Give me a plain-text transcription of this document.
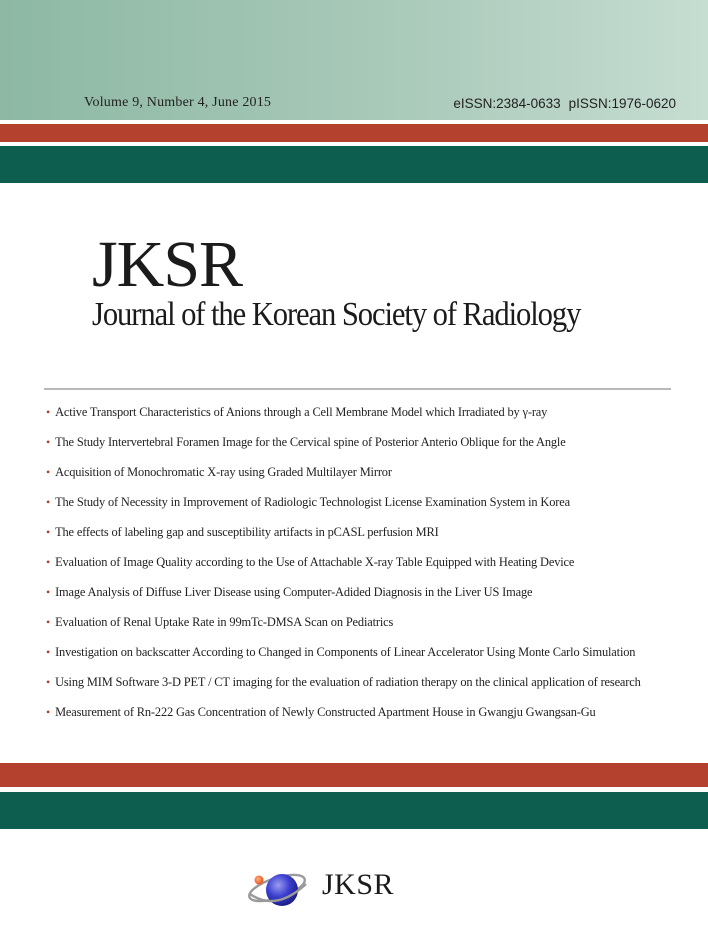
Volume 9, Number 4, June 2015	eISSN:2384-0633 pISSN:1976-0620
JKSR
Journal of the Korean Society of Radiology
• Active Transport Characteristics of Anions through a Cell Membrane Model which Irradiated by γ-ray
• The Study Intervertebral Foramen Image for the Cervical spine of Posterior Anterio Oblique for the Angle
• Acquisition of Monochromatic X-ray using Graded Multilayer Mirror
• The Study of Necessity in Improvement of Radiologic Technologist License Examination System in Korea
• The effects of labeling gap and susceptibility artifacts in pCASL perfusion MRI
• Evaluation of Image Quality according to the Use of Attachable X-ray Table Equipped with Heating Device
• Image Analysis of Diffuse Liver Disease using Computer-Adided Diagnosis in the Liver US Image
• Evaluation of Renal Uptake Rate in 99mTc-DMSA Scan on Pediatrics
• Investigation on backscatter According to Changed in Components of Linear Accelerator Using Monte Carlo Simulation
• Using MIM Software 3-D PET / CT imaging for the evaluation of radiation therapy on the clinical application of research
• Measurement of Rn-222 Gas Concentration of Newly Constructed Apartment House in Gwangju Gwangsan-Gu
JKSR
